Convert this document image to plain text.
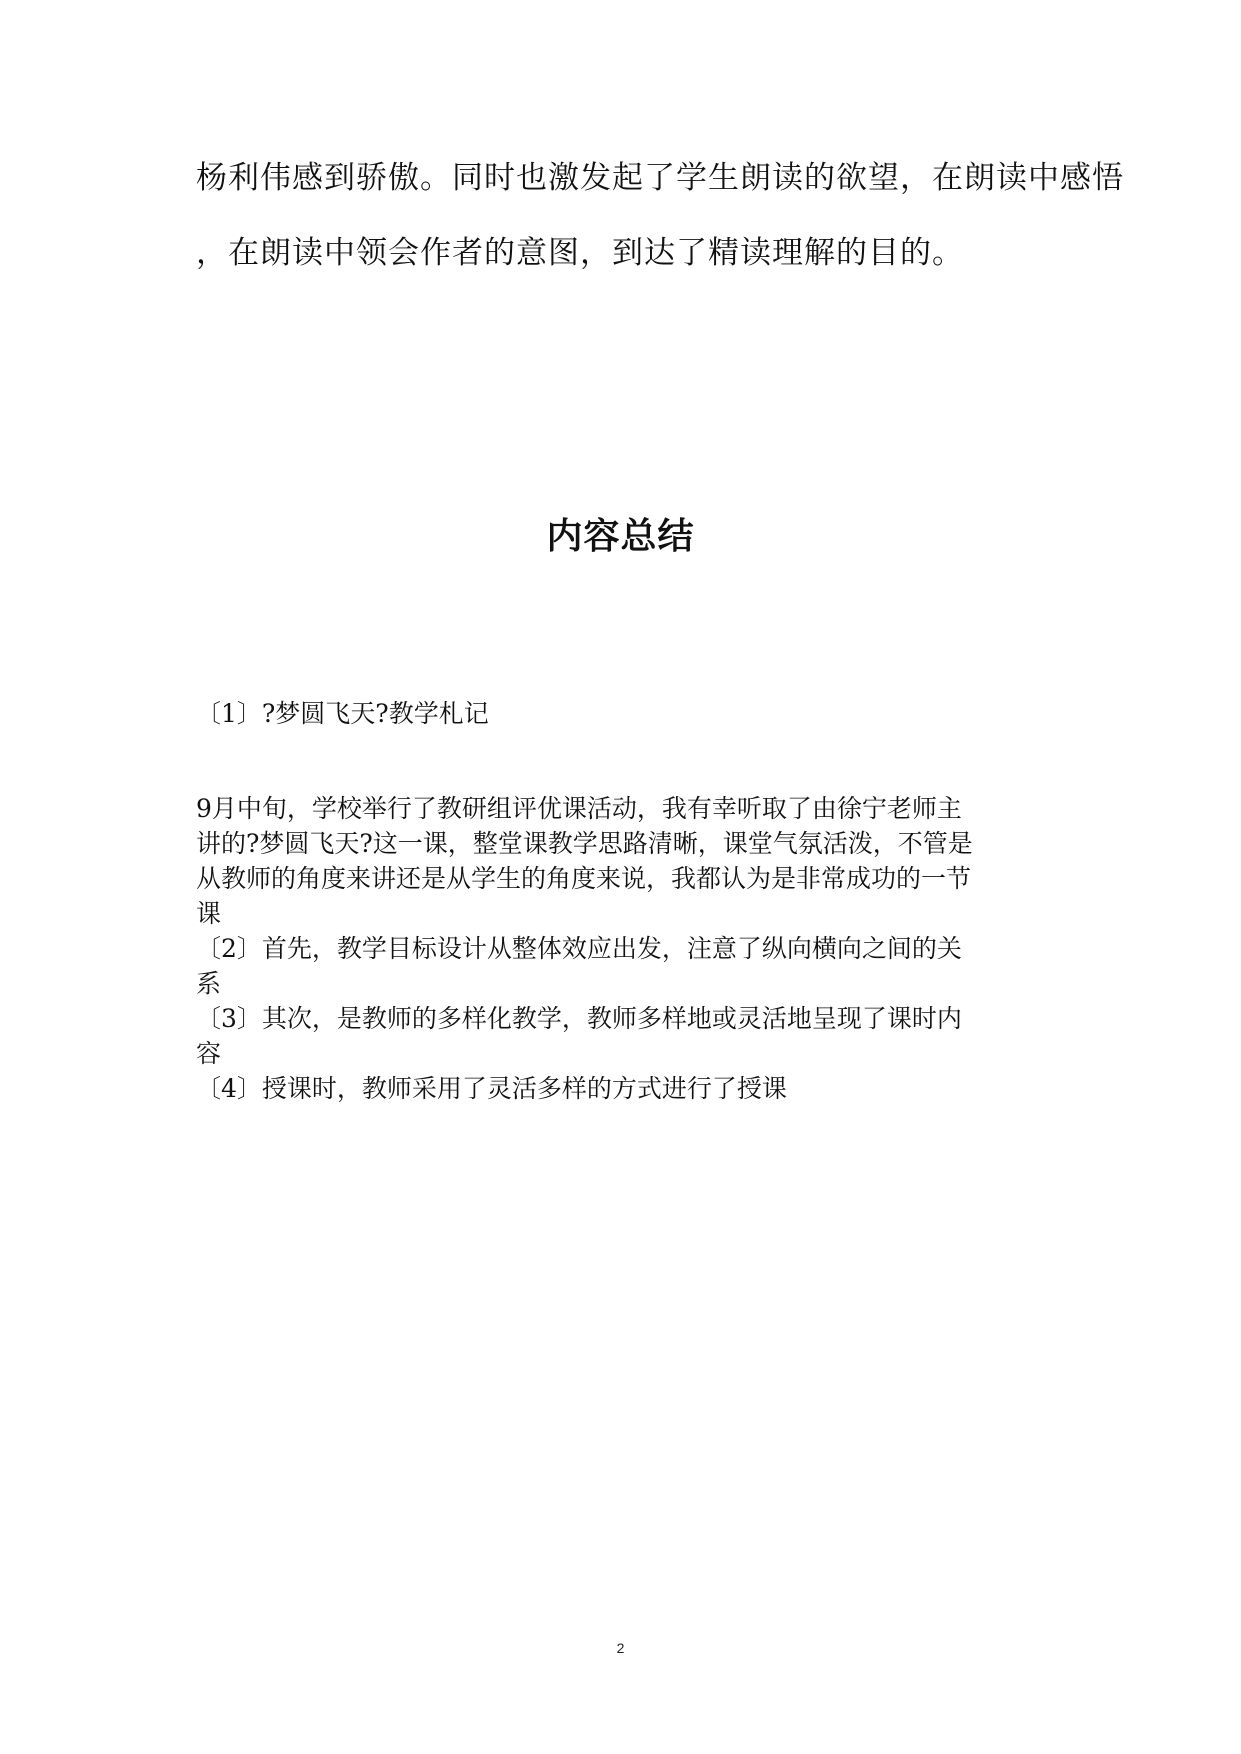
杨利伟感到骄傲。同时也激发起了学生朗读的欲望，在朗读中感悟
，在朗读中领会作者的意图，到达了精读理解的目的。
内容总结
〔1〕?梦圆飞天?教学札记
9月中旬，学校举行了教研组评优课活动，我有幸听取了由徐宁老师主
讲的?梦圆飞天?这一课，整堂课教学思路清晰，课堂气氛活泼，不管是
从教师的角度来讲还是从学生的角度来说，我都认为是非常成功的一节
课
〔2〕首先，教学目标设计从整体效应出发，注意了纵向横向之间的关
系
〔3〕其次，是教师的多样化教学，教师多样地或灵活地呈现了课时内
容
〔4〕授课时，教师采用了灵活多样的方式进行了授课
2
